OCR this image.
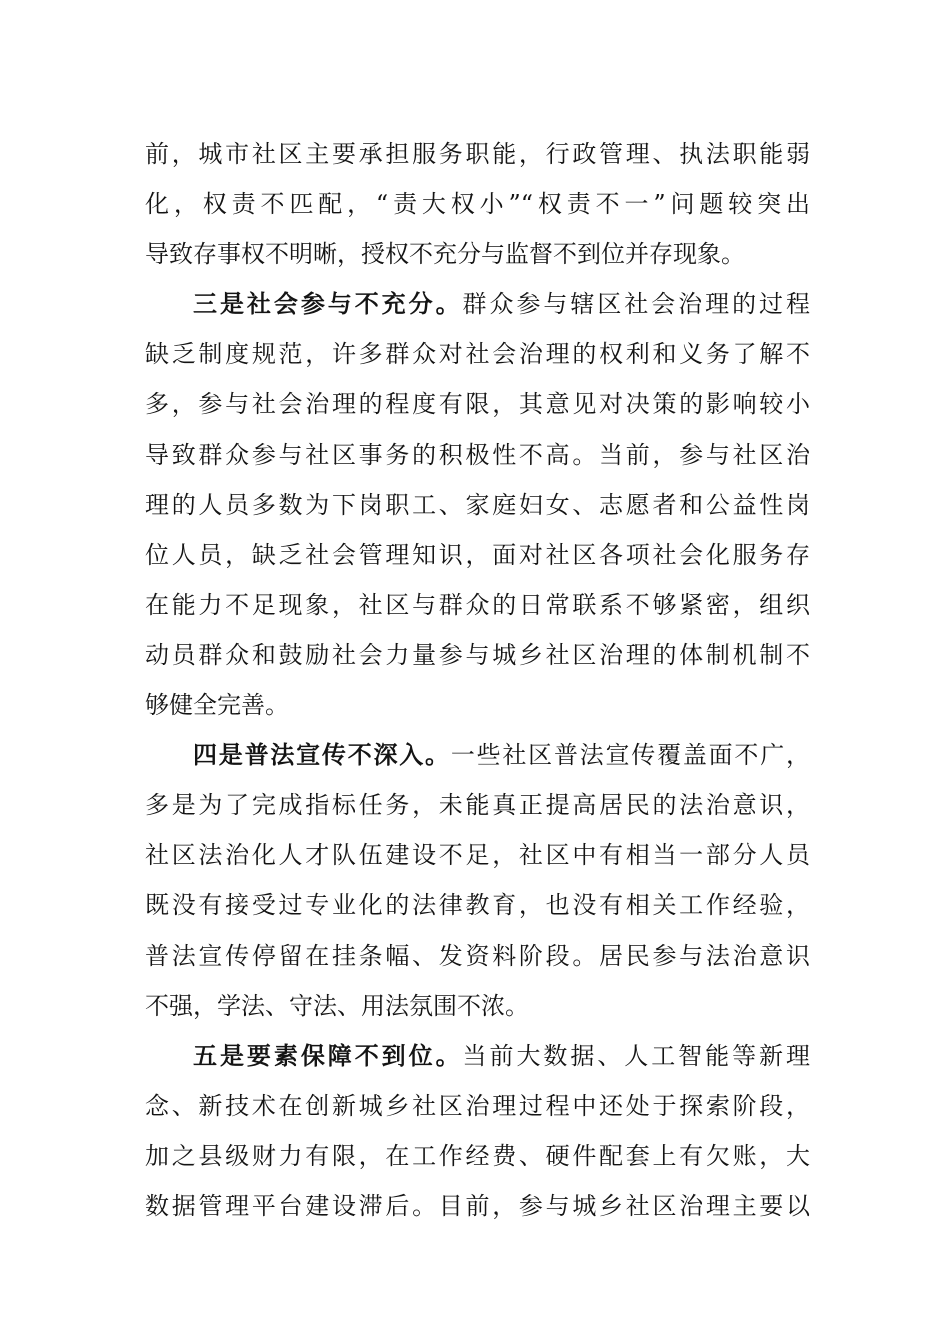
前，城市社区主要承担服务职能，行政管理、执法职能弱
化，权责不匹配，“责大权小”“权责不一”问题较突出
导致存事权不明晰，授权不充分与监督不到位并存现象。
三是社会参与不充分。群众参与辖区社会治理的过程
缺乏制度规范，许多群众对社会治理的权利和义务了解不
多，参与社会治理的程度有限，其意见对决策的影响较小
导致群众参与社区事务的积极性不高。当前，参与社区治
理的人员多数为下岗职工、家庭妇女、志愿者和公益性岗
位人员，缺乏社会管理知识，面对社区各项社会化服务存
在能力不足现象，社区与群众的日常联系不够紧密，组织
动员群众和鼓励社会力量参与城乡社区治理的体制机制不
够健全完善。
四是普法宣传不深入。一些社区普法宣传覆盖面不广，
多是为了完成指标任务，未能真正提高居民的法治意识，
社区法治化人才队伍建设不足，社区中有相当一部分人员
既没有接受过专业化的法律教育，也没有相关工作经验，
普法宣传停留在挂条幅、发资料阶段。居民参与法治意识
不强，学法、守法、用法氛围不浓。
五是要素保障不到位。当前大数据、人工智能等新理
念、新技术在创新城乡社区治理过程中还处于探索阶段，
加之县级财力有限，在工作经费、硬件配套上有欠账，大
数据管理平台建设滞后。目前，参与城乡社区治理主要以
